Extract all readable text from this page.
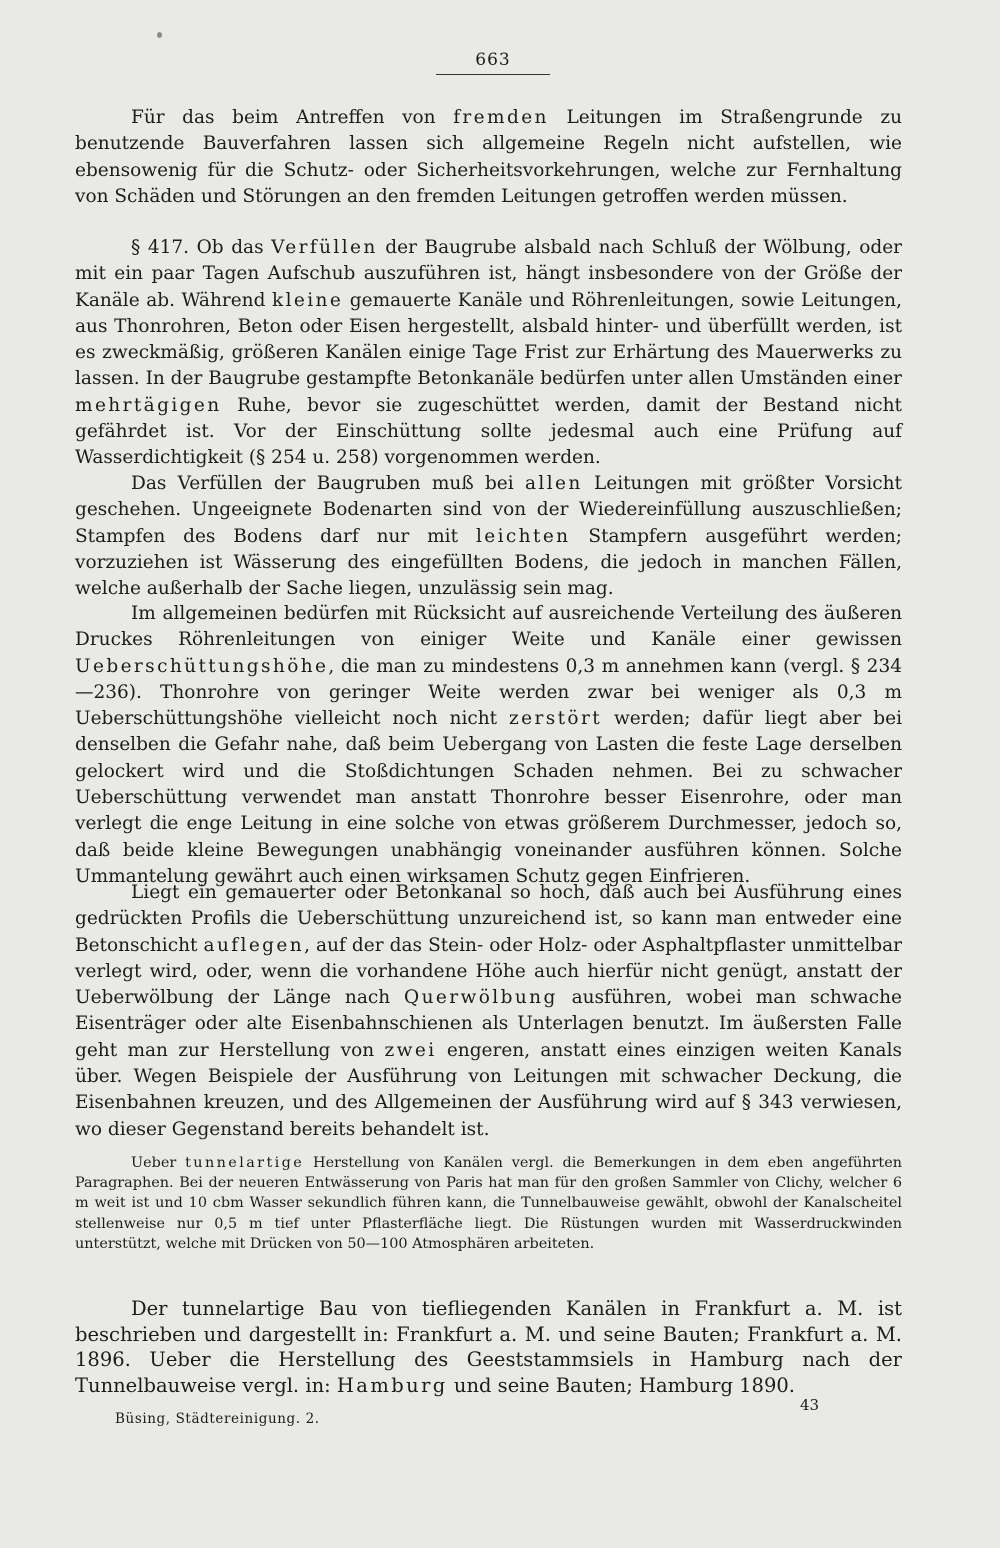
663

Für das beim Antreffen von fremden Leitungen im Straßengrunde zu benutzende Bauverfahren lassen sich allgemeine Regeln nicht aufstellen, wie ebensowenig für die Schutz- oder Sicherheitsvorkehrungen, welche zur Fernhaltung von Schäden und Störungen an den fremden Leitungen getroffen werden müssen.

§ 417. Ob das Verfüllen der Baugrube alsbald nach Schluß der Wölbung, oder mit ein paar Tagen Aufschub auszuführen ist, hängt insbesondere von der Größe der Kanäle ab. Während kleine gemauerte Kanäle und Röhrenleitungen, sowie Leitungen, aus Thonrohren, Beton oder Eisen hergestellt, alsbald hinter- und überfüllt werden, ist es zweckmäßig, größeren Kanälen einige Tage Frist zur Erhärtung des Mauerwerks zu lassen. In der Baugrube gestampfte Betonkanäle bedürfen unter allen Umständen einer mehrtägigen Ruhe, bevor sie zugeschüttet werden, damit der Bestand nicht gefährdet ist. Vor der Einschüttung sollte jedesmal auch eine Prüfung auf Wasserdichtigkeit (§ 254 u. 258) vorgenommen werden.

Das Verfüllen der Baugruben muß bei allen Leitungen mit größter Vorsicht geschehen. Ungeeignete Bodenarten sind von der Wiedereinfüllung auszuschließen; Stampfen des Bodens darf nur mit leichten Stampfern ausgeführt werden; vorzuziehen ist Wässerung des eingefüllten Bodens, die jedoch in manchen Fällen, welche außerhalb der Sache liegen, unzulässig sein mag.

Im allgemeinen bedürfen mit Rücksicht auf ausreichende Verteilung des äußeren Druckes Röhrenleitungen von einiger Weite und Kanäle einer gewissen Ueberschüttungshöhe, die man zu mindestens 0,3 m annehmen kann (vergl. § 234—236). Thonrohre von geringer Weite werden zwar bei weniger als 0,3 m Ueberschüttungshöhe vielleicht noch nicht zerstört werden; dafür liegt aber bei denselben die Gefahr nahe, daß beim Uebergang von Lasten die feste Lage derselben gelockert wird und die Stoßdichtungen Schaden nehmen. Bei zu schwacher Ueberschüttung verwendet man anstatt Thonrohre besser Eisenrohre, oder man verlegt die enge Leitung in eine solche von etwas größerem Durchmesser, jedoch so, daß beide kleine Bewegungen unabhängig voneinander ausführen können. Solche Ummantelung gewährt auch einen wirksamen Schutz gegen Einfrieren.

Liegt ein gemauerter oder Betonkanal so hoch, daß auch bei Ausführung eines gedrückten Profils die Ueberschüttung unzureichend ist, so kann man entweder eine Betonschicht auflegen, auf der das Stein- oder Holz- oder Asphaltpflaster unmittelbar verlegt wird, oder, wenn die vorhandene Höhe auch hierfür nicht genügt, anstatt der Ueberwölbung der Länge nach Querwölbung ausführen, wobei man schwache Eisenträger oder alte Eisenbahnschienen als Unterlagen benutzt. Im äußersten Falle geht man zur Herstellung von zwei engeren, anstatt eines einzigen weiten Kanals über. Wegen Beispiele der Ausführung von Leitungen mit schwacher Deckung, die Eisenbahnen kreuzen, und des Allgemeinen der Ausführung wird auf § 343 verwiesen, wo dieser Gegenstand bereits behandelt ist.

Ueber tunnelartige Herstellung von Kanälen vergl. die Bemerkungen in dem eben angeführten Paragraphen. Bei der neueren Entwässerung von Paris hat man für den großen Sammler von Clichy, welcher 6 m weit ist und 10 cbm Wasser sekundlich führen kann, die Tunnelbauweise gewählt, obwohl der Kanalscheitel stellenweise nur 0,5 m tief unter Pflasterfläche liegt. Die Rüstungen wurden mit Wasserdruckwinden unterstützt, welche mit Drücken von 50—100 Atmosphären arbeiteten.

Der tunnelartige Bau von tiefliegenden Kanälen in Frankfurt a. M. ist beschrieben und dargestellt in: Frankfurt a. M. und seine Bauten; Frankfurt a. M. 1896. Ueber die Herstellung des Geeststammsiels in Hamburg nach der Tunnelbauweise vergl. in: Hamburg und seine Bauten; Hamburg 1890.

Büsing, Städtereinigung. 2.
43
